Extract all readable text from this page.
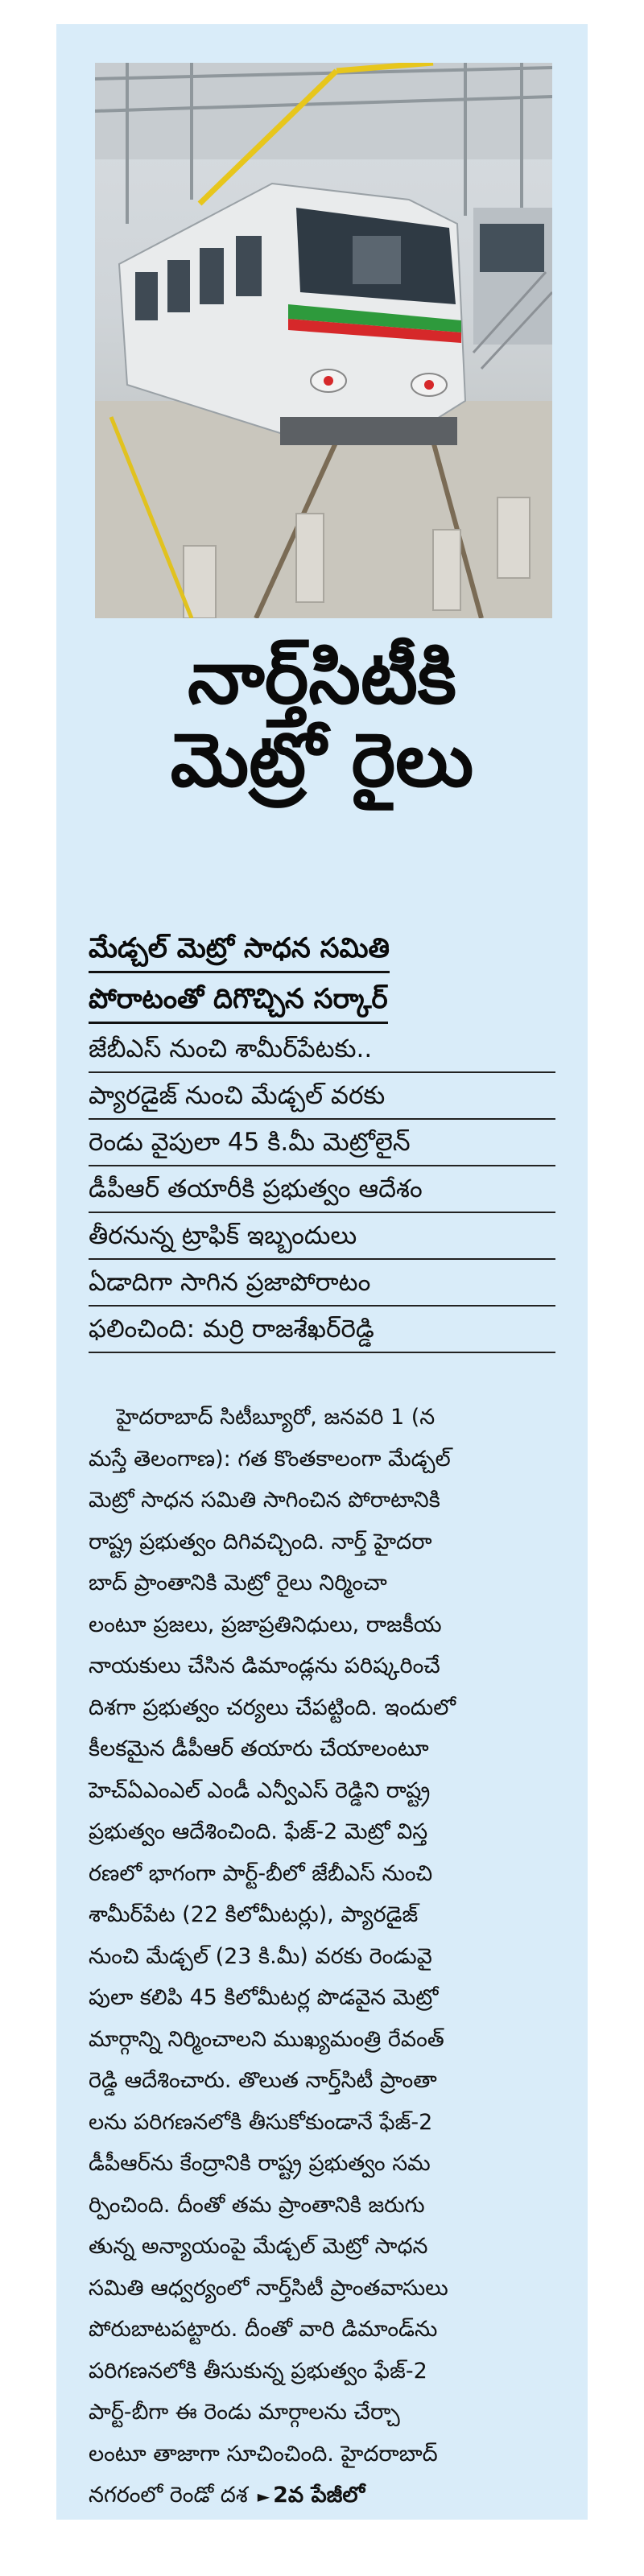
నార్త్‌సిటీకి
మెట్రో రైలు
మేడ్చల్ మెట్రో సాధన సమితి
పోరాటంతో దిగొచ్చిన సర్కార్
జేబీఎస్ నుంచి శామీర్‌పేటకు..
ప్యారడైజ్ నుంచి మేడ్చల్ వరకు
రెండు వైపులా 45 కి.మీ మెట్రోలైన్
డీపీఆర్ తయారీకి ప్రభుత్వం ఆదేశం
తీరనున్న ట్రాఫిక్ ఇబ్బందులు
ఏడాదిగా సాగిన ప్రజాపోరాటం
ఫలించింది: మర్రి రాజశేఖర్‌రెడ్డి
హైదరాబాద్ సిటీబ్యూరో, జనవరి 1 (న
మస్తే తెలంగాణ): గత కొంతకాలంగా మేడ్చల్
మెట్రో సాధన సమితి సాగించిన పోరాటానికి
రాష్ట్ర ప్రభుత్వం దిగివచ్చింది. నార్త్ హైదరా
బాద్ ప్రాంతానికి మెట్రో రైలు నిర్మించా
లంటూ ప్రజలు, ప్రజాప్రతినిధులు, రాజకీయ
నాయకులు చేసిన డిమాండ్లను పరిష్కరించే
దిశగా ప్రభుత్వం చర్యలు చేపట్టింది. ఇందులో
కీలకమైన డీపీఆర్ తయారు చేయాలంటూ
హెచ్‌ఏఎంఎల్ ఎండీ ఎన్వీఎస్ రెడ్డిని రాష్ట్ర
ప్రభుత్వం ఆదేశించింది. ఫేజ్-2 మెట్రో విస్త
రణలో భాగంగా పార్ట్-బీలో జేబీఎస్ నుంచి
శామీర్‌పేట (22 కిలోమీటర్లు), ప్యారడైజ్
నుంచి మేడ్చల్ (23 కి.మీ) వరకు రెండువై
పులా కలిపి 45 కిలోమీటర్ల పొడవైన మెట్రో
మార్గాన్ని నిర్మించాలని ముఖ్యమంత్రి రేవంత్
రెడ్డి ఆదేశించారు. తొలుత నార్త్‌సిటీ ప్రాంతా
లను పరిగణనలోకి తీసుకోకుండానే ఫేజ్-2
డీపీఆర్‌ను కేంద్రానికి రాష్ట్ర ప్రభుత్వం సమ
ర్పించింది. దీంతో తమ ప్రాంతానికి జరుగు
తున్న అన్యాయంపై మేడ్చల్ మెట్రో సాధన
సమితి ఆధ్వర్యంలో నార్త్‌సిటీ ప్రాంతవాసులు
పోరుబాటపట్టారు. దీంతో వారి డిమాండ్‌ను
పరిగణనలోకి తీసుకున్న ప్రభుత్వం ఫేజ్-2
పార్ట్-బీగా ఈ రెండు మార్గాలను చేర్చా
లంటూ తాజాగా సూచించింది. హైదరాబాద్
నగరంలో రెండో దశ ► 2వ పేజీలో
